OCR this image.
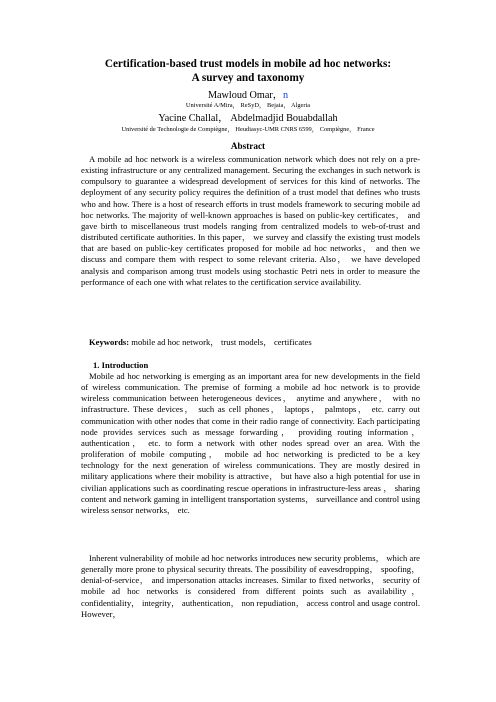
Certification-based trust models in mobile ad hoc networks:
A survey and taxonomy
Mawloud Omar，n
Université A/Mira， ReSyD， Bejaia， Algeria
Yacine Challal， Abdelmadjid Bouabdallah
Université de Technologie de Compiègne， Heudiasyc-UMR CNRS 6599， Compiègne， France
Abstract
A mobile ad hoc network is a wireless communication network which does not rely on a pre-existing infrastructure or any centralized management. Securing the exchanges in such network is compulsory to guarantee a widespread development of services for this kind of networks. The deployment of any security policy requires the definition of a trust model that defines who trusts who and how. There is a host of research efforts in trust models framework to securing mobile ad hoc networks. The majority of well-known approaches is based on public-key certificates， and gave birth to miscellaneous trust models ranging from centralized models to web-of-trust and distributed certificate authorities. In this paper， we survey and classify the existing trust models that are based on public-key certificates proposed for mobile ad hoc networks， and then we discuss and compare them with respect to some relevant criteria. Also， we have developed analysis and comparison among trust models using stochastic Petri nets in order to measure the performance of each one with what relates to the certification service availability.
Keywords: mobile ad hoc network， trust models， certificates
1. Introduction
Mobile ad hoc networking is emerging as an important area for new developments in the field of wireless communication. The premise of forming a mobile ad hoc network is to provide wireless communication between heterogeneous devices， anytime and anywhere， with no infrastructure. These devices， such as cell phones， laptops， palmtops， etc. carry out communication with other nodes that come in their radio range of connectivity. Each participating node provides services such as message forwarding， providing routing information， authentication， etc. to form a network with other nodes spread over an area. With the proliferation of mobile computing， mobile ad hoc networking is predicted to be a key technology for the next generation of wireless communications. They are mostly desired in military applications where their mobility is attractive， but have also a high potential for use in civilian applications such as coordinating rescue operations in infrastructure-less areas ， sharing content and network gaming in intelligent transportation systems， surveillance and control using wireless sensor networks， etc.
Inherent vulnerability of mobile ad hoc networks introduces new security problems， which are generally more prone to physical security threats. The possibility of eavesdropping， spoofing， denial-of-service， and impersonation attacks increases. Similar to fixed networks， security of mobile ad hoc networks is considered from different points such as availability， confidentiality， integrity， authentication， non repudiation， access control and usage control. However，
